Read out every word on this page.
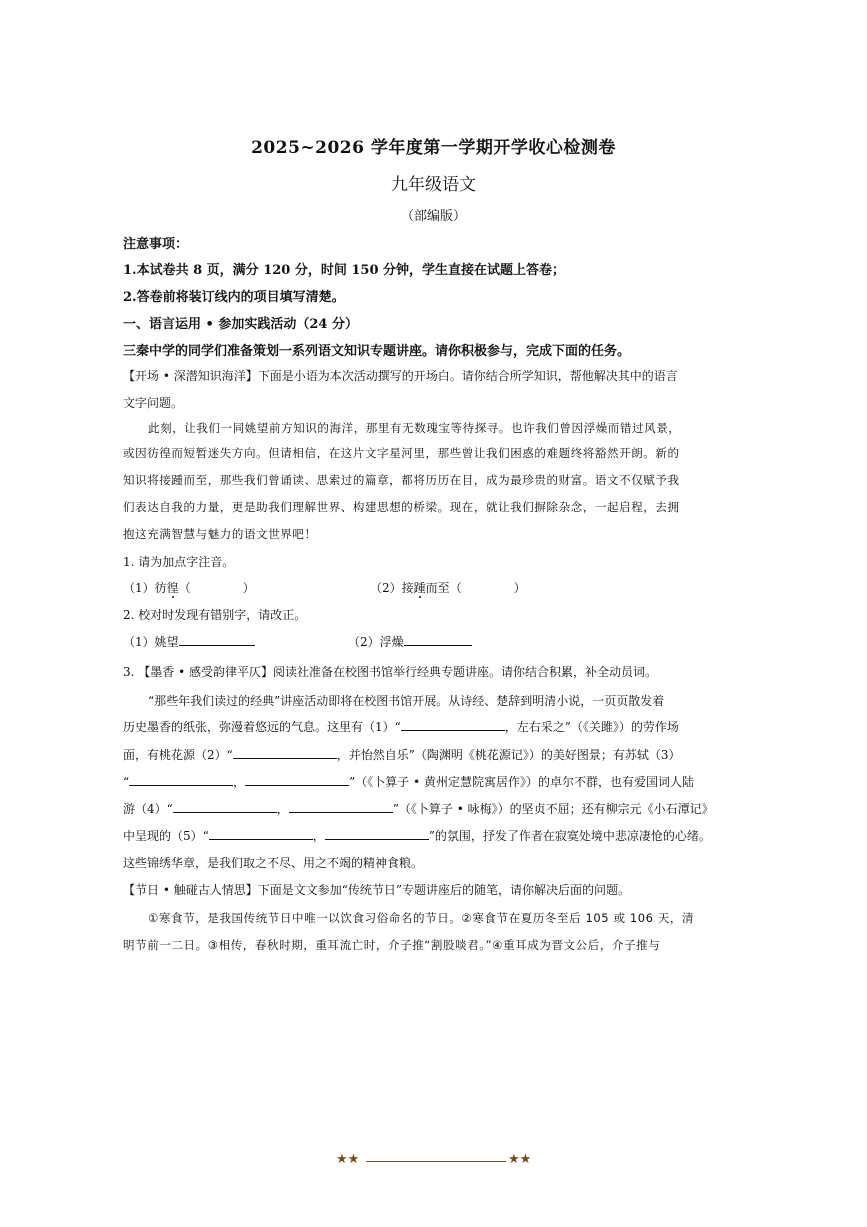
2025~2026 学年度第一学期开学收心检测卷
九年级语文
（部编版）
注意事项：
1.本试卷共 8 页，满分 120 分，时间 150 分钟，学生直接在试题上答卷；
2.答卷前将装订线内的项目填写清楚。
一、语言运用 • 参加实践活动（24 分）
三秦中学的同学们准备策划一系列语文知识专题讲座。请你积极参与，完成下面的任务。
【开场 • 深潜知识海洋】下面是小语为本次活动撰写的开场白。请你结合所学知识，帮他解决其中的语言
文字问题。
此刻，让我们一同姚望前方知识的海洋，那里有无数瑰宝等待探寻。也许我们曾因浮燥而错过风景，
或因彷徨而短暂迷失方向。但请相信，在这片文字星河里，那些曾让我们困惑的难题终将豁然开朗。新的
知识将接踵而至，那些我们曾诵读、思索过的篇章，都将历历在目，成为最珍贵的财富。语文不仅赋予我
们表达自我的力量，更是助我们理解世界、构建思想的桥梁。现在，就让我们摒除杂念，一起启程，去拥
抱这充满智慧与魅力的语文世界吧！
1. 请为加点字注音。
（1）彷徨（	）	（2）接踵而至（	）
2. 校对时发现有错别字，请改正。
（1）姚望	（2）浮燥
3. 【墨香 • 感受韵律平仄】阅读社准备在校图书馆举行经典专题讲座。请你结合积累，补全动员词。
“那些年我们读过的经典”讲座活动即将在校图书馆开展。从诗经、楚辞到明清小说，一页页散发着
历史墨香的纸张，弥漫着悠远的气息。这里有（1）“	，左右采之”（《关雎》）的劳作场
面，有桃花源（2）“	，并怡然自乐”（陶渊明《桃花源记》）的美好图景；有苏轼（3）
“	，	”（《卜算子 • 黄州定慧院寓居作》）的卓尔不群，也有爱国词人陆
游（4）“	，	”（《卜算子 • 咏梅》）的坚贞不屈；还有柳宗元《小石潭记》
中呈现的（5）“	，	”的氛围，抒发了作者在寂寞处境中悲凉凄怆的心绪。
这些锦绣华章，是我们取之不尽、用之不竭的精神食粮。
【节日 • 触碰古人情思】下面是文文参加“传统节日”专题讲座后的随笔，请你解决后面的问题。
①寒食节，是我国传统节日中唯一以饮食习俗命名的节日。②寒食节在夏历冬至后 105 或 106 天，清
明节前一二日。③相传，春秋时期，重耳流亡时，介子推“割股啖君。”④重耳成为晋文公后，介子推与
★★	★★
